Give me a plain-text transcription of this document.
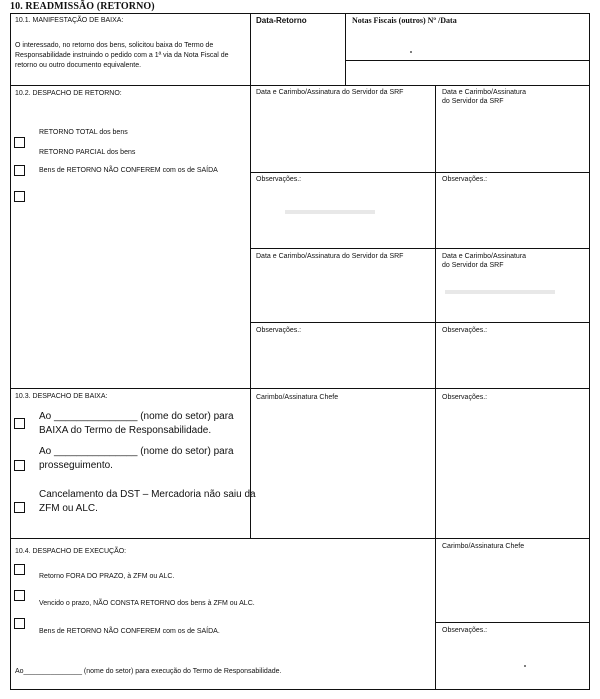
10. READMISSÃO (RETORNO)
10.1. MANIFESTAÇÃO DE BAIXA:
O interessado, no retorno dos bens, solicitou baixa do Termo de
Responsabilidade instruindo o pedido com a 1ª via da Nota Fiscal de
retorno ou outro documento equivalente.
Data-Retorno	Notas Fiscais (outros) Nº /Data
10.2. DESPACHO DE RETORNO:
RETORNO TOTAL dos bens
RETORNO PARCIAL dos bens
Bens de RETORNO NÃO CONFEREM com os de SAÍDA
Data e Carimbo/Assinatura do Servidor da SRF	Data e Carimbo/Assinatura
do Servidor da SRF
Observações.:	Observações.:
Data e Carimbo/Assinatura do Servidor da SRF	Data e Carimbo/Assinatura
do Servidor da SRF
Observações.:	Observações.:
10.3. DESPACHO DE BAIXA:
Ao _______________ (nome do setor) para
BAIXA do Termo de Responsabilidade.
Ao _______________ (nome do setor) para
prosseguimento.
Cancelamento da DST – Mercadoria não saiu da
ZFM ou ALC.
Carimbo/Assinatura Chefe	Observações.:
10.4. DESPACHO DE EXECUÇÃO:
Retorno FORA DO PRAZO, à ZFM ou ALC.
Vencido o prazo, NÃO CONSTA RETORNO dos bens à ZFM ou ALC.
Bens de RETORNO NÃO CONFEREM com os de SAÍDA.
Ao_______________ (nome do setor) para execução do Termo de Responsabilidade.
Carimbo/Assinatura Chefe
Observações.:
